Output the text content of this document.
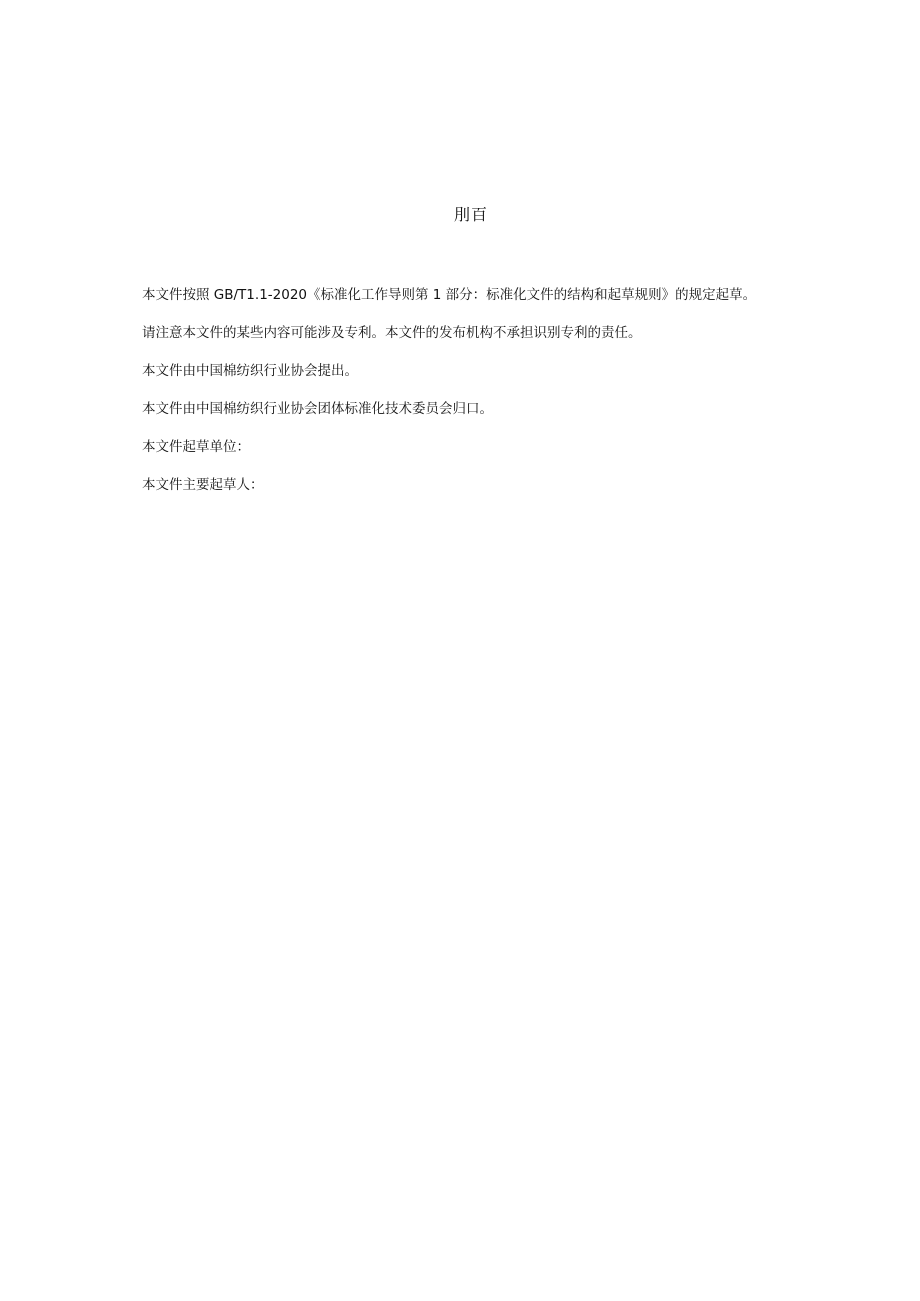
刖百

本文件按照 GB/T1.1-2020《标准化工作导则第 1 部分：标准化文件的结构和起草规则》的规定起草。

请注意本文件的某些内容可能涉及专利。本文件的发布机构不承担识别专利的责任。

本文件由中国棉纺织行业协会提出。

本文件由中国棉纺织行业协会团体标准化技术委员会归口。

本文件起草单位：

本文件主要起草人：
